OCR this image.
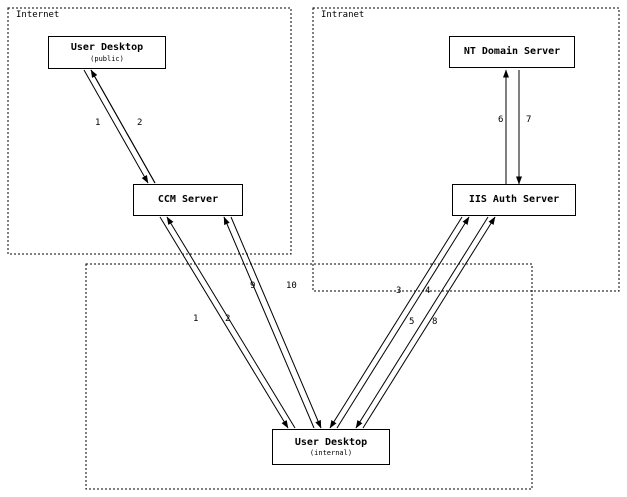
Internet	Intranet
User Desktop
(public)
CCM Server
NT Domain Server
IIS Auth Server
User Desktop
(internal)
1	2	6	7
9	10	3	4
5 8
1	2
